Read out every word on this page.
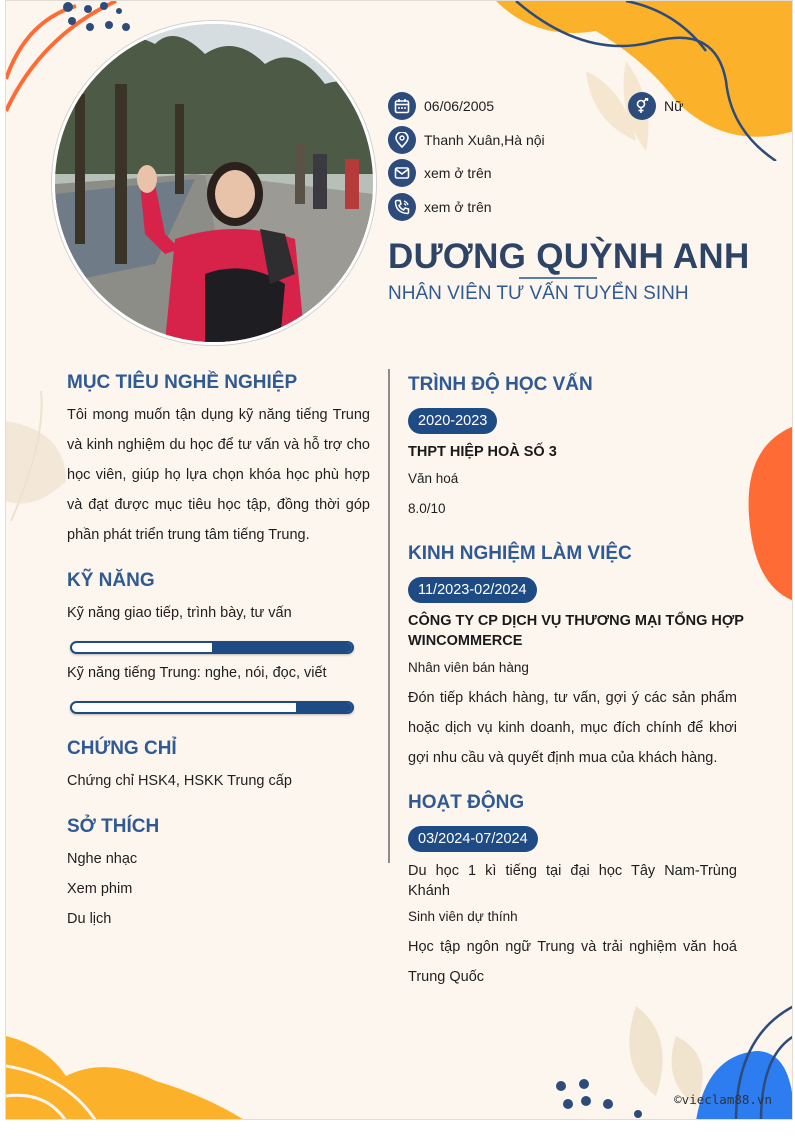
06/06/2005	Nữ
Thanh Xuân,Hà nội
xem ở trên
xem ở trên
DƯƠNG QUỲNH ANH
NHÂN VIÊN TƯ VẤN TUYỂN SINH
MỤC TIÊU NGHỀ NGHIỆP
Tôi mong muốn tận dụng kỹ năng tiếng Trung và kinh nghiệm du học để tư vấn và hỗ trợ cho học viên, giúp họ lựa chọn khóa học phù hợp và đạt được mục tiêu học tập, đồng thời góp phần phát triển trung tâm tiếng Trung.
KỸ NĂNG
Kỹ năng giao tiếp, trình bày, tư vấn
Kỹ năng tiếng Trung: nghe, nói, đọc, viết
CHỨNG CHỈ
Chứng chỉ HSK4, HSKK Trung cấp
SỞ THÍCH
Nghe nhạc
Xem phim
Du lịch
TRÌNH ĐỘ HỌC VẤN
2020-2023
THPT HIỆP HOÀ SỐ 3
Văn hoá
8.0/10
KINH NGHIỆM LÀM VIỆC
11/2023-02/2024
CÔNG TY CP DỊCH VỤ THƯƠNG MẠI TỔNG HỢP WINCOMMERCE
Nhân viên bán hàng
Đón tiếp khách hàng, tư vấn, gợi ý các sản phẩm hoặc dịch vụ kinh doanh, mục đích chính để khơi gợi nhu cầu và quyết định mua của khách hàng.
HOẠT ĐỘNG
03/2024-07/2024
Du học 1 kì tiếng tại đại học Tây Nam-Trùng Khánh
Sinh viên dự thính
Học tập ngôn ngữ Trung và trải nghiệm văn hoá Trung Quốc
©vieclam88.vn
